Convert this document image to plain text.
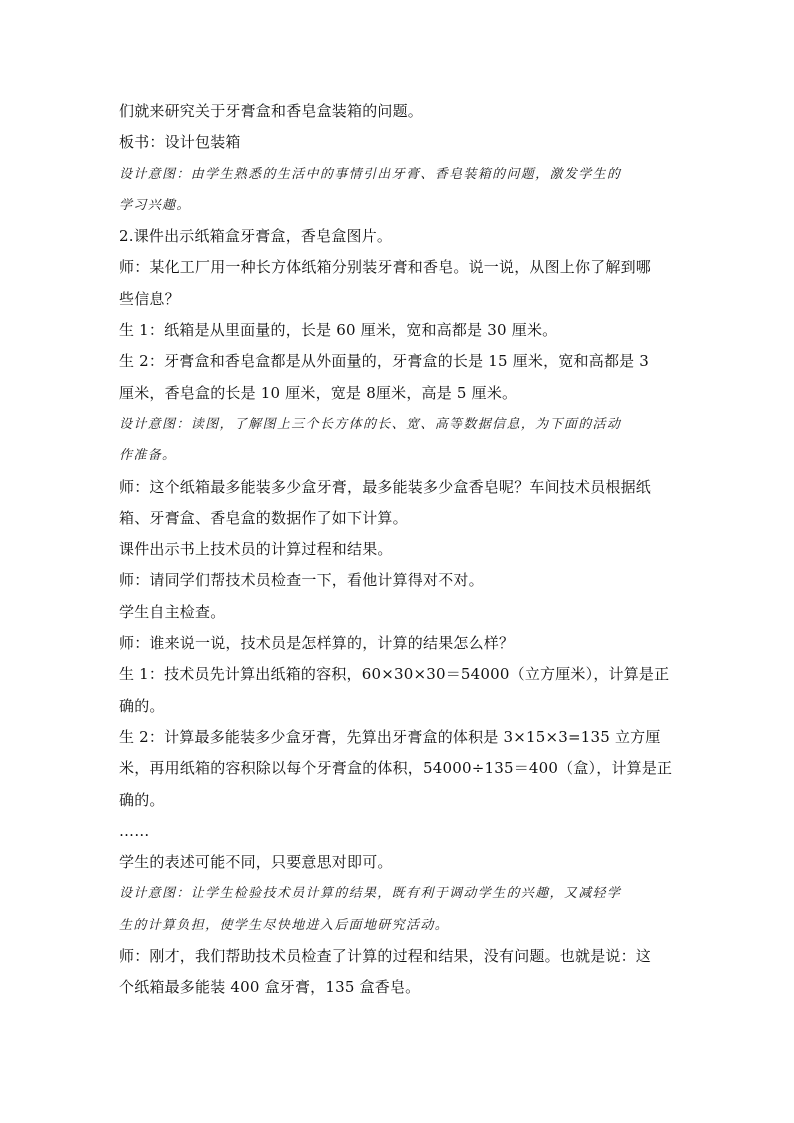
们就来研究关于牙膏盒和香皂盒装箱的问题。
板书：设计包装箱
设计意图：由学生熟悉的生活中的事情引出牙膏、香皂装箱的问题，激发学生的
学习兴趣。
2.课件出示纸箱盒牙膏盒，香皂盒图片。
师：某化工厂用一种长方体纸箱分别装牙膏和香皂。说一说，从图上你了解到哪
些信息？
生 1：纸箱是从里面量的，长是 60 厘米，宽和高都是 30 厘米。
生 2：牙膏盒和香皂盒都是从外面量的，牙膏盒的长是 15 厘米，宽和高都是 3
厘米，香皂盒的长是 10 厘米，宽是 8厘米，高是 5 厘米。
设计意图：读图，了解图上三个长方体的长、宽、高等数据信息，为下面的活动
作准备。
师：这个纸箱最多能装多少盒牙膏，最多能装多少盒香皂呢？车间技术员根据纸
箱、牙膏盒、香皂盒的数据作了如下计算。
课件出示书上技术员的计算过程和结果。
师：请同学们帮技术员检查一下，看他计算得对不对。
学生自主检查。
师：谁来说一说，技术员是怎样算的，计算的结果怎么样？
生 1：技术员先计算出纸箱的容积，60×30×30＝54000（立方厘米），计算是正
确的。
生 2：计算最多能装多少盒牙膏，先算出牙膏盒的体积是 3×15×3=135 立方厘
米，再用纸箱的容积除以每个牙膏盒的体积，54000÷135＝400（盒），计算是正
确的。
……
学生的表述可能不同，只要意思对即可。
设计意图：让学生检验技术员计算的结果，既有利于调动学生的兴趣，又减轻学
生的计算负担，使学生尽快地进入后面地研究活动。
师：刚才，我们帮助技术员检查了计算的过程和结果，没有问题。也就是说：这
个纸箱最多能装 400 盒牙膏，135 盒香皂。
